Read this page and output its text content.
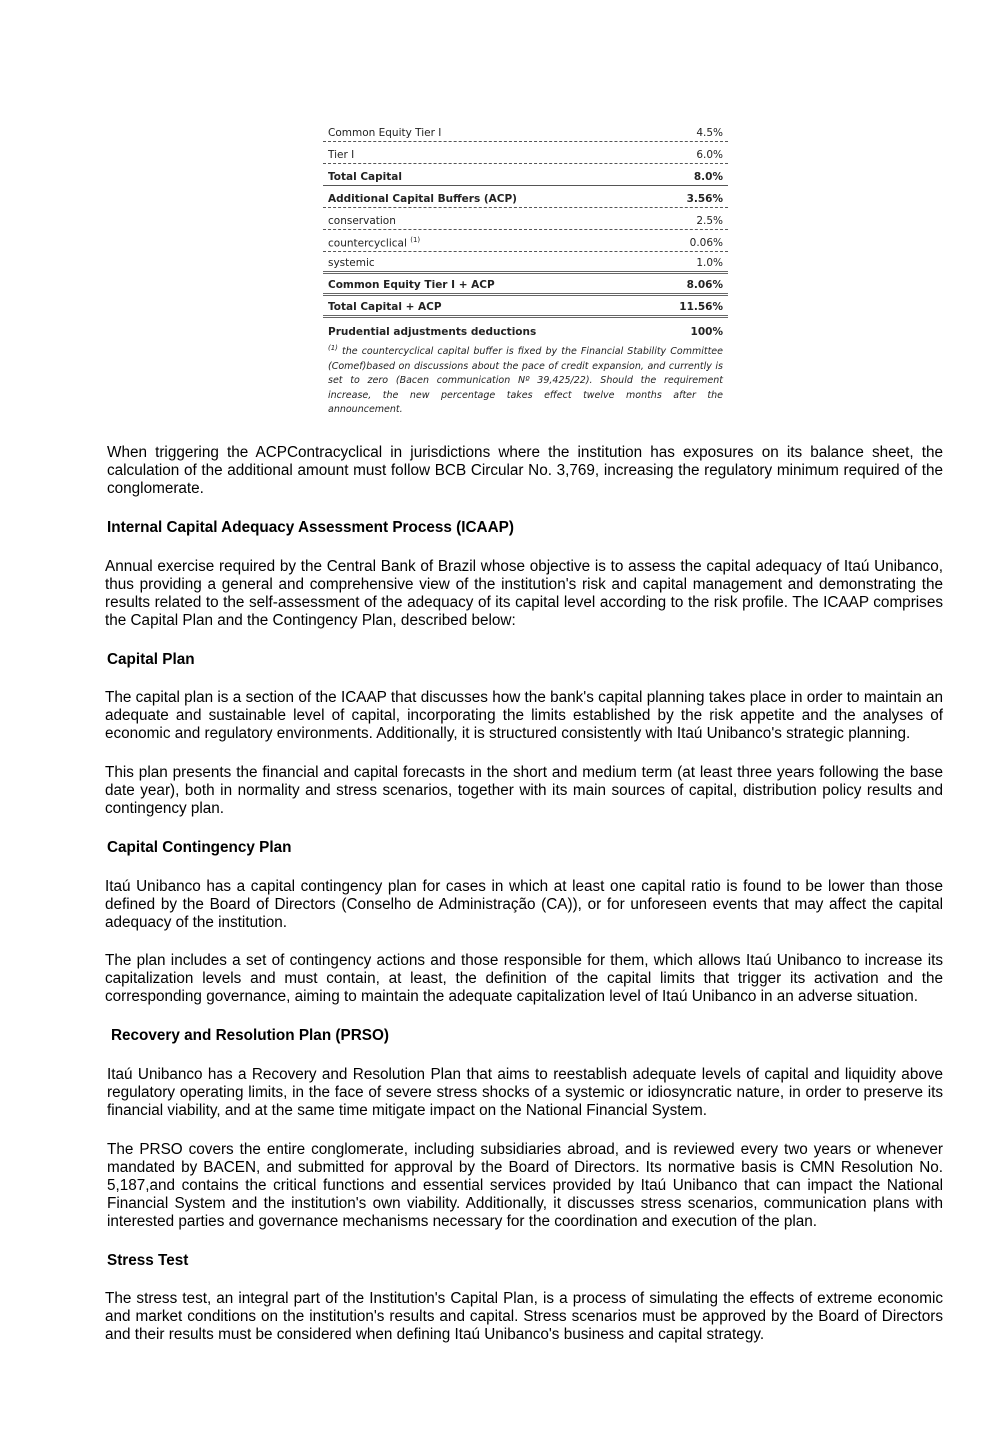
Common Equity Tier I	4.5%
Tier I	6.0%
Total Capital	8.0%
Additional Capital Buffers (ACP)	3.56%
conservation	2.5%
countercyclical $^{(1)}$	0.06%
systemic	1.0%
Common Equity Tier I + ACP	8.06%
Total Capital + ACP	11.56%
Prudential adjustments deductions	100%
$^{(1)}$ the countercyclical capital buffer is fixed by the Financial Stability Committee (Comef)based on discussions about the pace of credit expansion, and currently is set to zero (Bacen communication Nº 39,425/22). Should the requirement increase, the new percentage takes effect twelve months after the announcement.
When triggering the ACPContracyclical in jurisdictions where the institution has exposures on its balance sheet, the calculation of the additional amount must follow BCB Circular No. 3,769, increasing the regulatory minimum required of the conglomerate.
Internal Capital Adequacy Assessment Process (ICAAP)
Annual exercise required by the Central Bank of Brazil whose objective is to assess the capital adequacy of Itaú Unibanco, thus providing a general and comprehensive view of the institution's risk and capital management and demonstrating the results related to the self-assessment of the adequacy of its capital level according to the risk profile. The ICAAP comprises the Capital Plan and the Contingency Plan, described below:
Capital Plan
The capital plan is a section of the ICAAP that discusses how the bank's capital planning takes place in order to maintain an adequate and sustainable level of capital, incorporating the limits established by the risk appetite and the analyses of economic and regulatory environments. Additionally, it is structured consistently with Itaú Unibanco's strategic planning.
This plan presents the financial and capital forecasts in the short and medium term (at least three years following the base date year), both in normality and stress scenarios, together with its main sources of capital, distribution policy results and contingency plan.
Capital Contingency Plan
Itaú Unibanco has a capital contingency plan for cases in which at least one capital ratio is found to be lower than those defined by the Board of Directors (Conselho de Administração (CA)), or for unforeseen events that may affect the capital adequacy of the institution.
The plan includes a set of contingency actions and those responsible for them, which allows Itaú Unibanco to increase its capitalization levels and must contain, at least, the definition of the capital limits that trigger its activation and the corresponding governance, aiming to maintain the adequate capitalization level of Itaú Unibanco in an adverse situation.
Recovery and Resolution Plan (PRSO)
Itaú Unibanco has a Recovery and Resolution Plan that aims to reestablish adequate levels of capital and liquidity above regulatory operating limits, in the face of severe stress shocks of a systemic or idiosyncratic nature, in order to preserve its financial viability, and at the same time mitigate impact on the National Financial System.
The PRSO covers the entire conglomerate, including subsidiaries abroad, and is reviewed every two years or whenever mandated by BACEN, and submitted for approval by the Board of Directors. Its normative basis is CMN Resolution No. 5,187,and contains the critical functions and essential services provided by Itaú Unibanco that can impact the National Financial System and the institution's own viability. Additionally, it discusses stress scenarios, communication plans with interested parties and governance mechanisms necessary for the coordination and execution of the plan.
Stress Test
The stress test, an integral part of the Institution's Capital Plan, is a process of simulating the effects of extreme economic and market conditions on the institution's results and capital. Stress scenarios must be approved by the Board of Directors and their results must be considered when defining Itaú Unibanco's business and capital strategy.
